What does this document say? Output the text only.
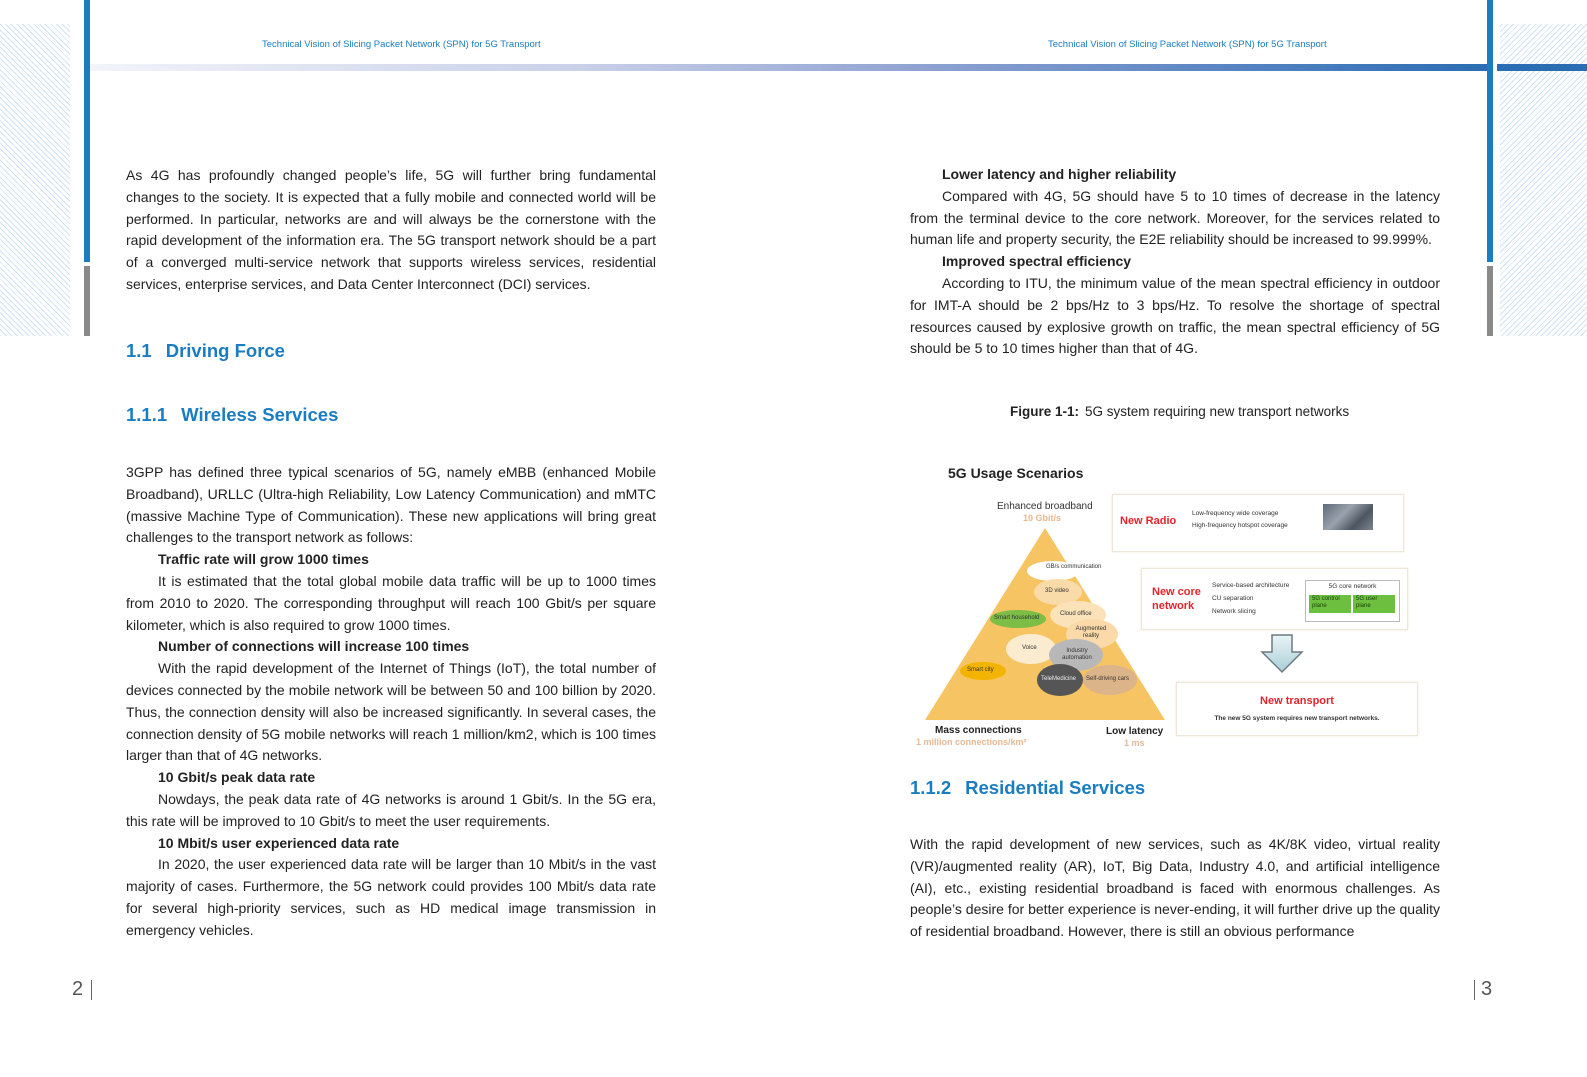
Technical Vision of Slicing Packet Network (SPN) for 5G Transport	Technical Vision of Slicing Packet Network (SPN) for 5G Transport

As 4G has profoundly changed people’s life, 5G will further bring fundamental changes to the society. It is expected that a fully mobile and connected world will be performed. In particular, networks are and will always be the cornerstone with the rapid development of the information era. The 5G transport network should be a part of a converged multi-service network that supports wireless services, residential services, enterprise services, and Data Center Interconnect (DCI) services.

1.1 Driving Force
1.1.1 Wireless Services

3GPP has defined three typical scenarios of 5G, namely eMBB (enhanced Mobile Broadband), URLLC (Ultra-high Reliability, Low Latency Communication) and mMTC (massive Machine Type of Communication). These new applications will bring great challenges to the transport network as follows:

Traffic rate will grow 1000 times

It is estimated that the total global mobile data traffic will be up to 1000 times from 2010 to 2020. The corresponding throughput will reach 100 Gbit/s per square kilometer, which is also required to grow 1000 times.

Number of connections will increase 100 times

With the rapid development of the Internet of Things (IoT), the total number of devices connected by the mobile network will be between 50 and 100 billion by 2020. Thus, the connection density will also be increased significantly. In several cases, the connection density of 5G mobile networks will reach 1 million/km2, which is 100 times larger than that of 4G networks.

10 Gbit/s peak data rate

Nowdays, the peak data rate of 4G networks is around 1 Gbit/s. In the 5G era, this rate will be improved to 10 Gbit/s to meet the user requirements.

10 Mbit/s user experienced data rate

In 2020, the user experienced data rate will be larger than 10 Mbit/s in the vast majority of cases. Furthermore, the 5G network could provides 100 Mbit/s data rate for several high-priority services, such as HD medical image transmission in emergency vehicles.

2

Lower latency and higher reliability

Compared with 4G, 5G should have 5 to 10 times of decrease in the latency from the terminal device to the core network. Moreover, for the services related to human life and property security, the E2E reliability should be increased to 99.999%.

Improved spectral efficiency

According to ITU, the minimum value of the mean spectral efficiency in outdoor for IMT-A should be 2 bps/Hz to 3 bps/Hz. To resolve the shortage of spectral resources caused by explosive growth on traffic, the mean spectral efficiency of 5G should be 5 to 10 times higher than that of 4G.

Figure 1-1: 5G system requiring new transport networks
5G Usage Scenarios
GB/s communication
3D video
Cloud office
Smart household
Augmented reality
Voice	Industry automation
Smart city
TeleMedicine Self-driving cars
Enhanced broadband
10 Gbit/s
Mass connections
1 million connections/km²
Low latency
1 ms
New Radio
Low-frequency wide coverage
High-frequency hotspot coverage
New core
network
Service-based architecture
CU separation
Network slicing
5G core network
5G control plane
5G user plane
New transport
The new 5G system requires new transport networks.
1.1.2 Residential Services

With the rapid development of new services, such as 4K/8K video, virtual reality (VR)/augmented reality (AR), IoT, Big Data, Industry 4.0, and artificial intelligence (AI), etc., existing residential broadband is faced with enormous challenges. As people’s desire for better experience is never-ending, it will further drive up the quality of residential broadband. However, there is still an obvious performance

3
